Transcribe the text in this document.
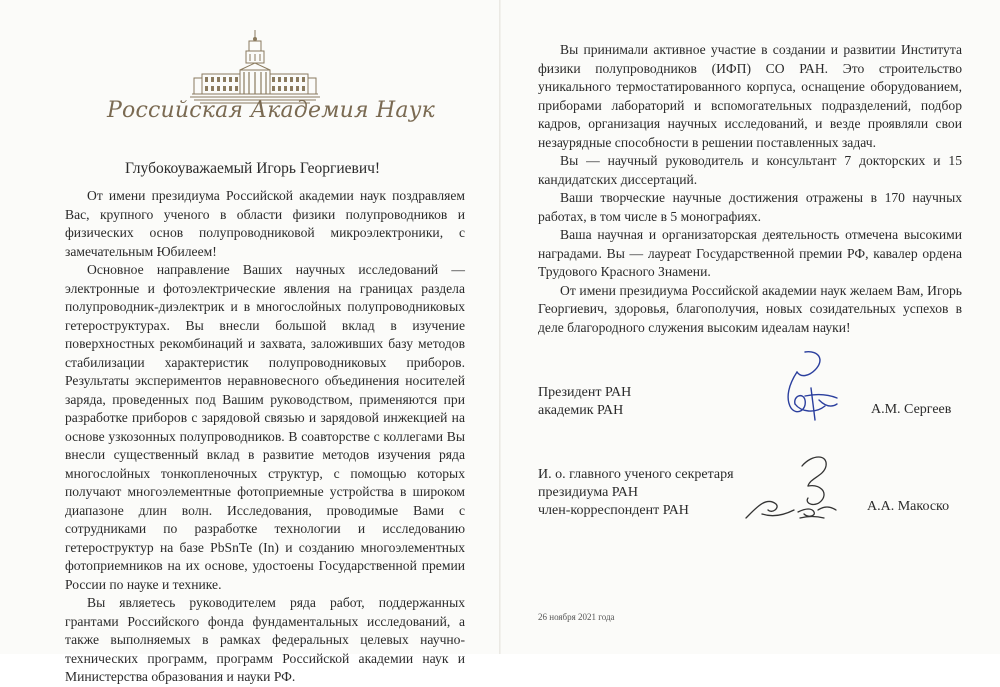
Российская Академия Наук
Глубокоуважаемый Игорь Георгиевич!

От имени президиума Российской академии наук поздравляем Вас, крупного ученого в области физики полупроводников и физических основ полупроводниковой микроэлектроники, с замечательным Юбилеем!

Основное направление Ваших научных исследований — электронные и фотоэлектрические явления на границах раздела полупроводник-диэлектрик и в многослойных полупроводниковых гетероструктурах. Вы внесли большой вклад в изучение поверхностных рекомбинаций и захвата, заложивших базу методов стабилизации характеристик полупроводниковых приборов. Результаты экспериментов неравновесного объединения носителей заряда, проведенных под Вашим руководством, применяются при разработке приборов с зарядовой связью и зарядовой инжекцией на основе узкозонных полупроводников. В соавторстве с коллегами Вы внесли существенный вклад в развитие методов изучения ряда многослойных тонкопленочных структур, с помощью которых получают многоэлементные фотоприемные устройства в широком диапазоне длин волн. Исследования, проводимые Вами с сотрудниками по разработке технологии и исследованию гетероструктур на базе PbSnTe (In) и созданию многоэлементных фотоприемников на их основе, удостоены Государственной премии России по науке и технике.

Вы являетесь руководителем ряда работ, поддержанных грантами Российского фонда фундаментальных исследований, а также выполняемых в рамках федеральных целевых научно-технических программ, программ Российской академии наук и Министерства образования и науки РФ.

Вы принимали активное участие в создании и развитии Института физики полупроводников (ИФП) СО РАН. Это строительство уникального термостатированного корпуса, оснащение оборудованием, приборами лабораторий и вспомогательных подразделений, подбор кадров, организация научных исследований, и везде проявляли свои незаурядные способности в решении поставленных задач.

Вы — научный руководитель и консультант 7 докторских и 15 кандидатских диссертаций.

Ваши творческие научные достижения отражены в 170 научных работах, в том числе в 5 монографиях.

Ваша научная и организаторская деятельность отмечена высокими наградами. Вы — лауреат Государственной премии РФ, кавалер ордена Трудового Красного Знамени.

От имени президиума Российской академии наук желаем Вам, Игорь Георгиевич, здоровья, благополучия, новых созидательных успехов в деле благородного служения высоким идеалам науки!

Президент РАН
академик РАН	А.М. Сергеев
И. о. главного ученого секретаря
президиума РАН
член-корреспондент РАН	А.А. Макоско
26 ноября 2021 года
